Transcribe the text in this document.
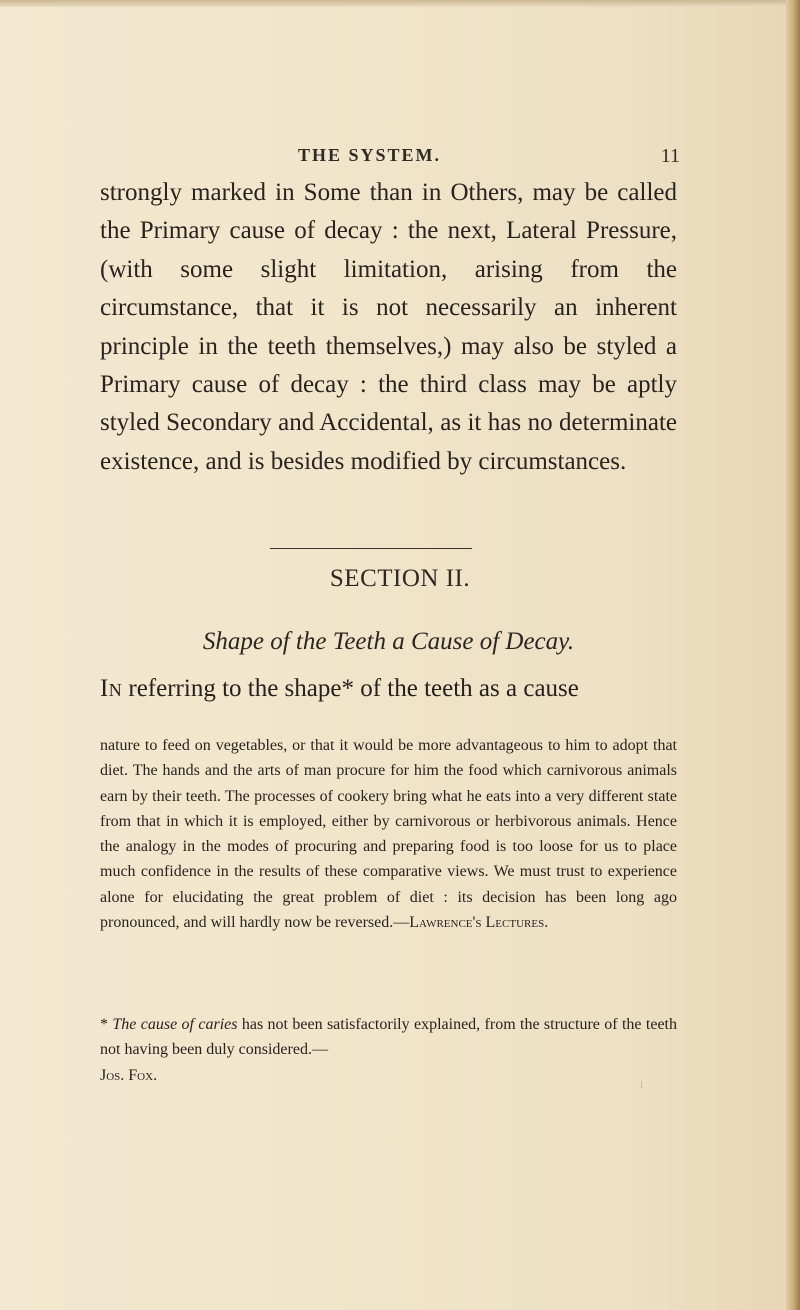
THE SYSTEM.	11
strongly marked in Some than in Others, may be called the Primary cause of decay : the next, Lateral Pressure, (with some slight limitation, arising from the circumstance, that it is not necessarily an inherent principle in the teeth themselves,) may also be styled a Primary cause of decay : the third class may be aptly styled Secondary and Accidental, as it has no determinate existence, and is besides modified by circumstances.
SECTION II.
Shape of the Teeth a Cause of Decay.
In referring to the shape* of the teeth as a cause
nature to feed on vegetables, or that it would be more advantageous to him to adopt that diet. The hands and the arts of man procure for him the food which carnivorous animals earn by their teeth. The processes of cookery bring what he eats into a very different state from that in which it is employed, either by carnivorous or herbivorous animals. Hence the analogy in the modes of procuring and preparing food is too loose for us to place much confidence in the results of these comparative views. We must trust to experience alone for elucidating the great problem of diet : its decision has been long ago pronounced, and will hardly now be reversed.—Lawrence's Lectures.
* The cause of caries has not been satisfactorily explained, from the structure of the teeth not having been duly considered.—
Jos. Fox.
⁝
